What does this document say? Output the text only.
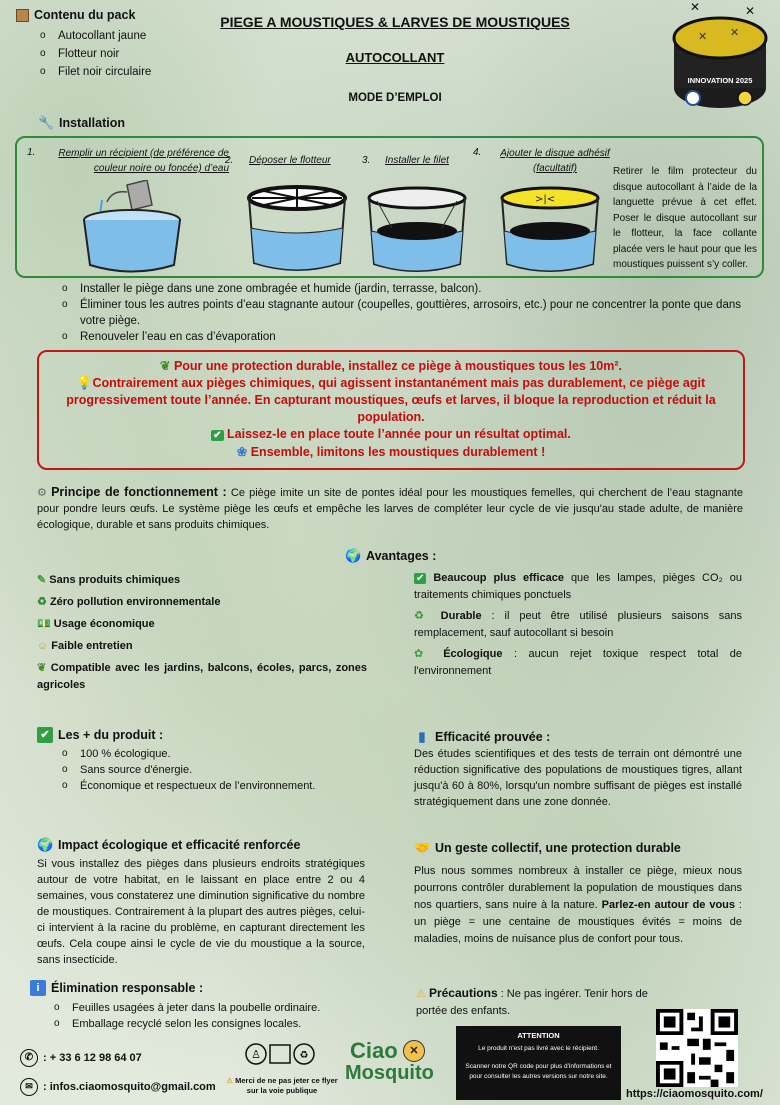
Contenu du pack
o Autocollant jaune
o Flotteur noir
o Filet noir circulaire
PIEGE A MOUSTIQUES & LARVES DE MOUSTIQUES
AUTOCOLLANT
MODE D’EMPLOI
✕ ✕
INNOVATION 2025
✕	✕
🔧 Installation
1.	Remplir un récipient (de préférence de couleur noire ou foncée) d’eau
2. Déposer le flotteur	3. Installer le filet
4.	Ajouter le disque adhésif (facultatif)
>|<
Retirer le film protecteur du disque autocollant à l’aide de la languette prévue à cet effet. Poser le disque autocollant sur le flotteur, la face collante placée vers le haut pour que les moustiques puissent s’y coller.
o Installer le piège dans une zone ombragée et humide (jardin, terrasse, balcon).
o Éliminer tous les autres points d’eau stagnante autour (coupelles, gouttières, arrosoirs, etc.) pour ne concentrer la ponte que dans votre piège.
o Renouveler l’eau en cas d’évaporation
❦ Pour une protection durable, installez ce piège à moustiques tous les 10m².
💡Contrairement aux pièges chimiques, qui agissent instantanément mais pas durablement, ce piège agit progressivement toute l’année. En capturant moustiques, œufs et larves, il bloque la reproduction et réduit la population.
✔ Laissez-le en place toute l’année pour un résultat optimal.
❀ Ensemble, limitons les moustiques durablement !
⚙ Principe de fonctionnement : Ce piège imite un site de pontes idéal pour les moustiques femelles, qui cherchent de l’eau stagnante pour pondre leurs œufs. Le système piège les œufs et empêche les larves de compléter leur cycle de vie jusqu'au stade adulte, de manière écologique, durable et sans produits chimiques.
🌍 Avantages :
✎ Sans produits chimiques
♻ Zéro pollution environnementale
💵 Usage économique
☺ Faible entretien
❦ Compatible avec les jardins, balcons, écoles, parcs, zones agricoles
✔ Beaucoup plus efficace que les lampes, pièges CO₂ ou traitements chimiques ponctuels
♻ Durable : il peut être utilisé plusieurs saisons sans remplacement, sauf autocollant si besoin
✿ Écologique : aucun rejet toxique respect total de l'environnement
✔ Les + du produit :
o 100 % écologique.
o Sans source d'énergie.
o Économique et respectueux de l’environnement.
▮ Efficacité prouvée :
Des études scientifiques et des tests de terrain ont démontré une réduction significative des populations de moustiques tigres, allant jusqu'à 60 à 80%, lorsqu'un nombre suffisant de pièges est installé stratégiquement dans une zone donnée.
🌍 Impact écologique et efficacité renforcée
Si vous installez des pièges dans plusieurs endroits stratégiques autour de votre habitat, en le laissant en place entre 2 ou 4 semaines, vous constaterez une diminution significative du nombre de moustiques. Contrairement à la plupart des autres pièges, celui-ci intervient à la racine du problème, en capturant directement les œufs. Cela coupe ainsi le cycle de vie du moustique a la source, sans insecticide.
🤝 Un geste collectif, une protection durable
Plus nous sommes nombreux à installer ce piège, mieux nous pourrons contrôler durablement la population de moustiques dans nos quartiers, sans nuire à la nature. Parlez-en autour de vous : un piège = une centaine de moustiques évités = moins de maladies, moins de nuisance plus de confort pour tous.
i Élimination responsable :
o Feuilles usagées à jeter dans la poubelle ordinaire.
o Emballage recyclé selon les consignes locales.
⚠ Précautions : Ne pas ingérer. Tenir hors de portée des enfants.
ATTENTION
Le produit n'est pas livré avec le récipient.
Scanner notre QR code pour plus d'informations et pour consulter les autres versions sur notre site.
https://ciaomosquito.com/
✆ : + 33 6 12 98 64 07
✉ : infos.ciaomosquito@gmail.com
♙	♻
⚠ Merci de ne pas jeter ce flyer sur la voie publique
Ciao
Mosquito
✕
